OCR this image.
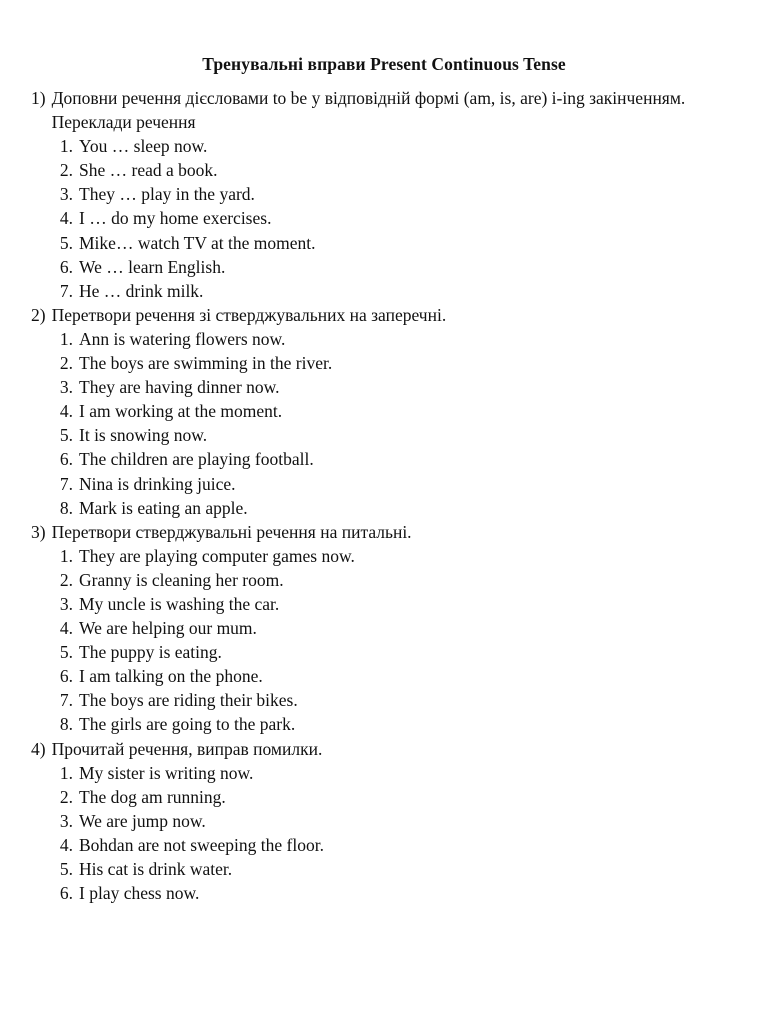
Тренувальні вправи Present Continuous Tense
1) Доповни речення дієсловами to be у відповідній формі (am, is, are) і-ing закінченням. Переклади речення
1. You … sleep now.
2. She … read a book.
3. They … play in the yard.
4. I … do my home exercises.
5. Mike… watch TV at the moment.
6. We … learn English.
7. He … drink milk.
2) Перетвори речення зі стверджувальних на заперечні.
1. Ann is watering flowers now.
2. The boys are swimming in the river.
3. They are having dinner now.
4. I am working at the moment.
5. It is snowing now.
6. The children are playing football.
7. Nina is drinking juice.
8. Mark is eating an apple.
3) Перетвори стверджувальні речення на питальні.
1. They are playing computer games now.
2. Granny is cleaning her room.
3. My uncle is washing the car.
4. We are helping our mum.
5. The puppy is eating.
6. I am talking on the phone.
7. The boys are riding their bikes.
8. The girls are going to the park.
4) Прочитай речення, виправ помилки.
1. My sister is writing now.
2. The dog am running.
3. We are jump now.
4. Bohdan are not sweeping the floor.
5. His cat is drink water.
6. I play chess now.
